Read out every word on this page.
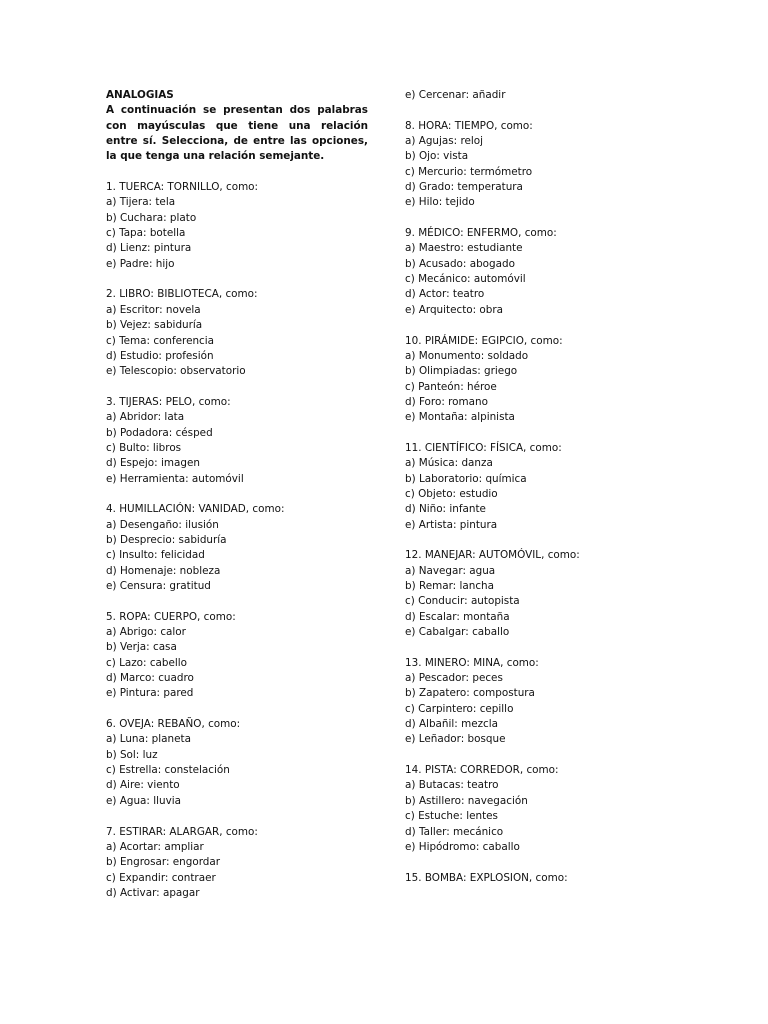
ANALOGIAS
A continuación se presentan dos palabras con mayúsculas que tiene una relación entre sí. Selecciona, de entre las opciones, la que tenga una relación semejante.
1. TUERCA: TORNILLO, como:
a) Tijera: tela
b) Cuchara: plato
c) Tapa: botella
d) Lienz: pintura
e) Padre: hijo
2. LIBRO: BIBLIOTECA, como:
a) Escritor: novela
b) Vejez: sabiduría
c) Tema: conferencia
d) Estudio: profesión
e) Telescopio: observatorio
3. TIJERAS: PELO, como:
a) Abridor: lata
b) Podadora: césped
c) Bulto: libros
d) Espejo: imagen
e) Herramienta: automóvil
4. HUMILLACIÓN: VANIDAD, como:
a) Desengaño: ilusión
b) Desprecio: sabiduría
c) Insulto: felicidad
d) Homenaje: nobleza
e) Censura: gratitud
5. ROPA: CUERPO, como:
a) Abrigo: calor
b) Verja: casa
c) Lazo: cabello
d) Marco: cuadro
e) Pintura: pared
6. OVEJA: REBAÑO, como:
a) Luna: planeta
b) Sol: luz
c) Estrella: constelación
d) Aire: viento
e) Agua: lluvia
7. ESTIRAR: ALARGAR, como:
a) Acortar: ampliar
b) Engrosar: engordar
c) Expandir: contraer
d) Activar: apagar
e) Cercenar: añadir
8. HORA: TIEMPO, como:
a) Agujas: reloj
b) Ojo: vista
c) Mercurio: termómetro
d) Grado: temperatura
e) Hilo: tejido
9. MÉDICO: ENFERMO, como:
a) Maestro: estudiante
b) Acusado: abogado
c) Mecánico: automóvil
d) Actor: teatro
e) Arquitecto: obra
10. PIRÁMIDE: EGIPCIO, como:
a) Monumento: soldado
b) Olimpiadas: griego
c) Panteón: héroe
d) Foro: romano
e) Montaña: alpinista
11. CIENTÍFICO: FÍSICA, como:
a) Música: danza
b) Laboratorio: química
c) Objeto: estudio
d) Niño: infante
e) Artista: pintura
12. MANEJAR: AUTOMÓVIL, como:
a) Navegar: agua
b) Remar: lancha
c) Conducir: autopista
d) Escalar: montaña
e) Cabalgar: caballo
13. MINERO: MINA, como:
a) Pescador: peces
b) Zapatero: compostura
c) Carpintero: cepillo
d) Albañil: mezcla
e) Leñador: bosque
14. PISTA: CORREDOR, como:
a) Butacas: teatro
b) Astillero: navegación
c) Estuche: lentes
d) Taller: mecánico
e) Hipódromo: caballo
15. BOMBA: EXPLOSION, como:
